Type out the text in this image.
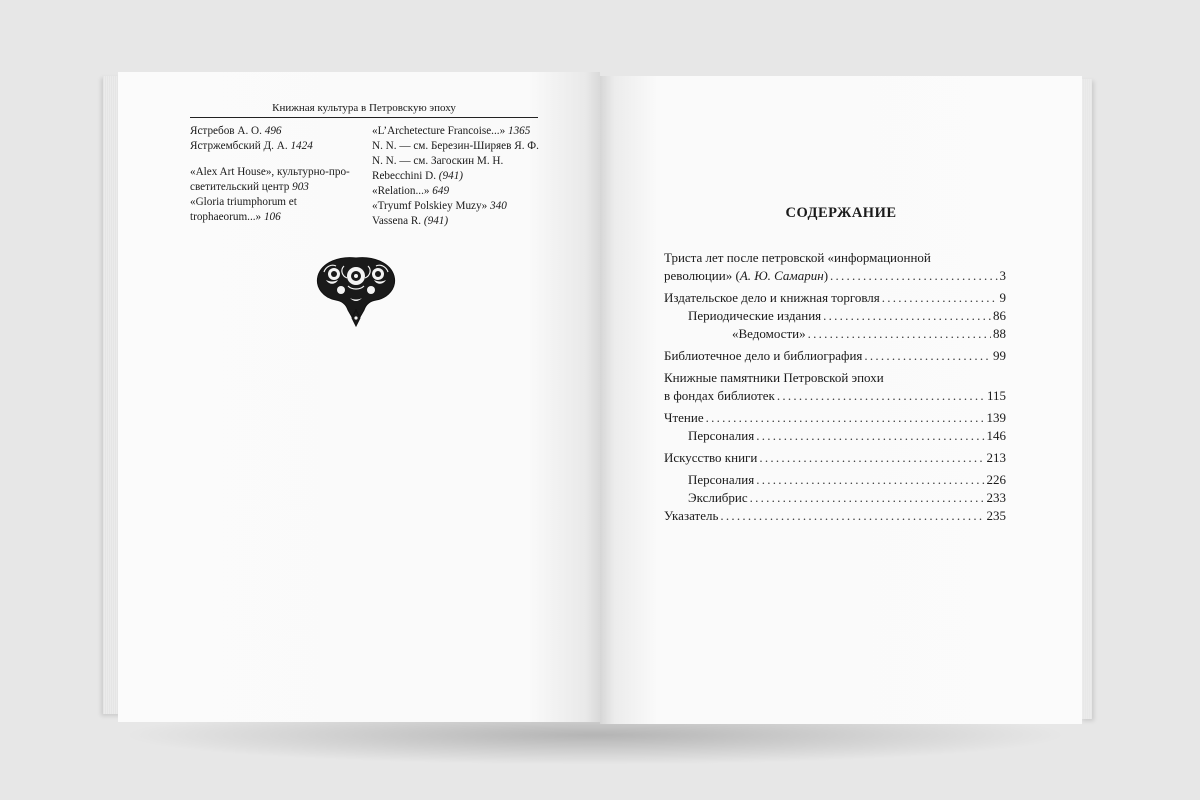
Книжная культура в Петровскую эпоху
Ястребов А. О. 496
Ястржембский Д. А. 1424
«Alex Art House», культурно-про-
светительский центр 903
«Gloria triumphorum et
trophaeorum...» 106
«L’Archetecture Francoise...» 1365
N. N. — см. Березин-Ширяев Я. Ф.
N. N. — см. Загоскин М. Н.
Rebecchini D. (941)
«Relation...» 649
«Tryumf Polskiey Muzy» 340
Vassena R. (941)	СОДЕРЖАНИЕ
Триста лет после петровской «информационной
революции» (А. Ю. Самарин) . . .	3
Издательское дело и книжная торговля . . .	9
Периодические издания . . .	86
«Ведомости» . . .	88
Библиотечное дело и библиография . . .	99
Книжные памятники Петровской эпохи
в фондах библиотек . . .	115
Чтение . . .	139
Персоналия . . .	146
Искусство книги . . .	213
Персоналия . . .	226
Экслибрис . . .	233
Указатель . . .	235
